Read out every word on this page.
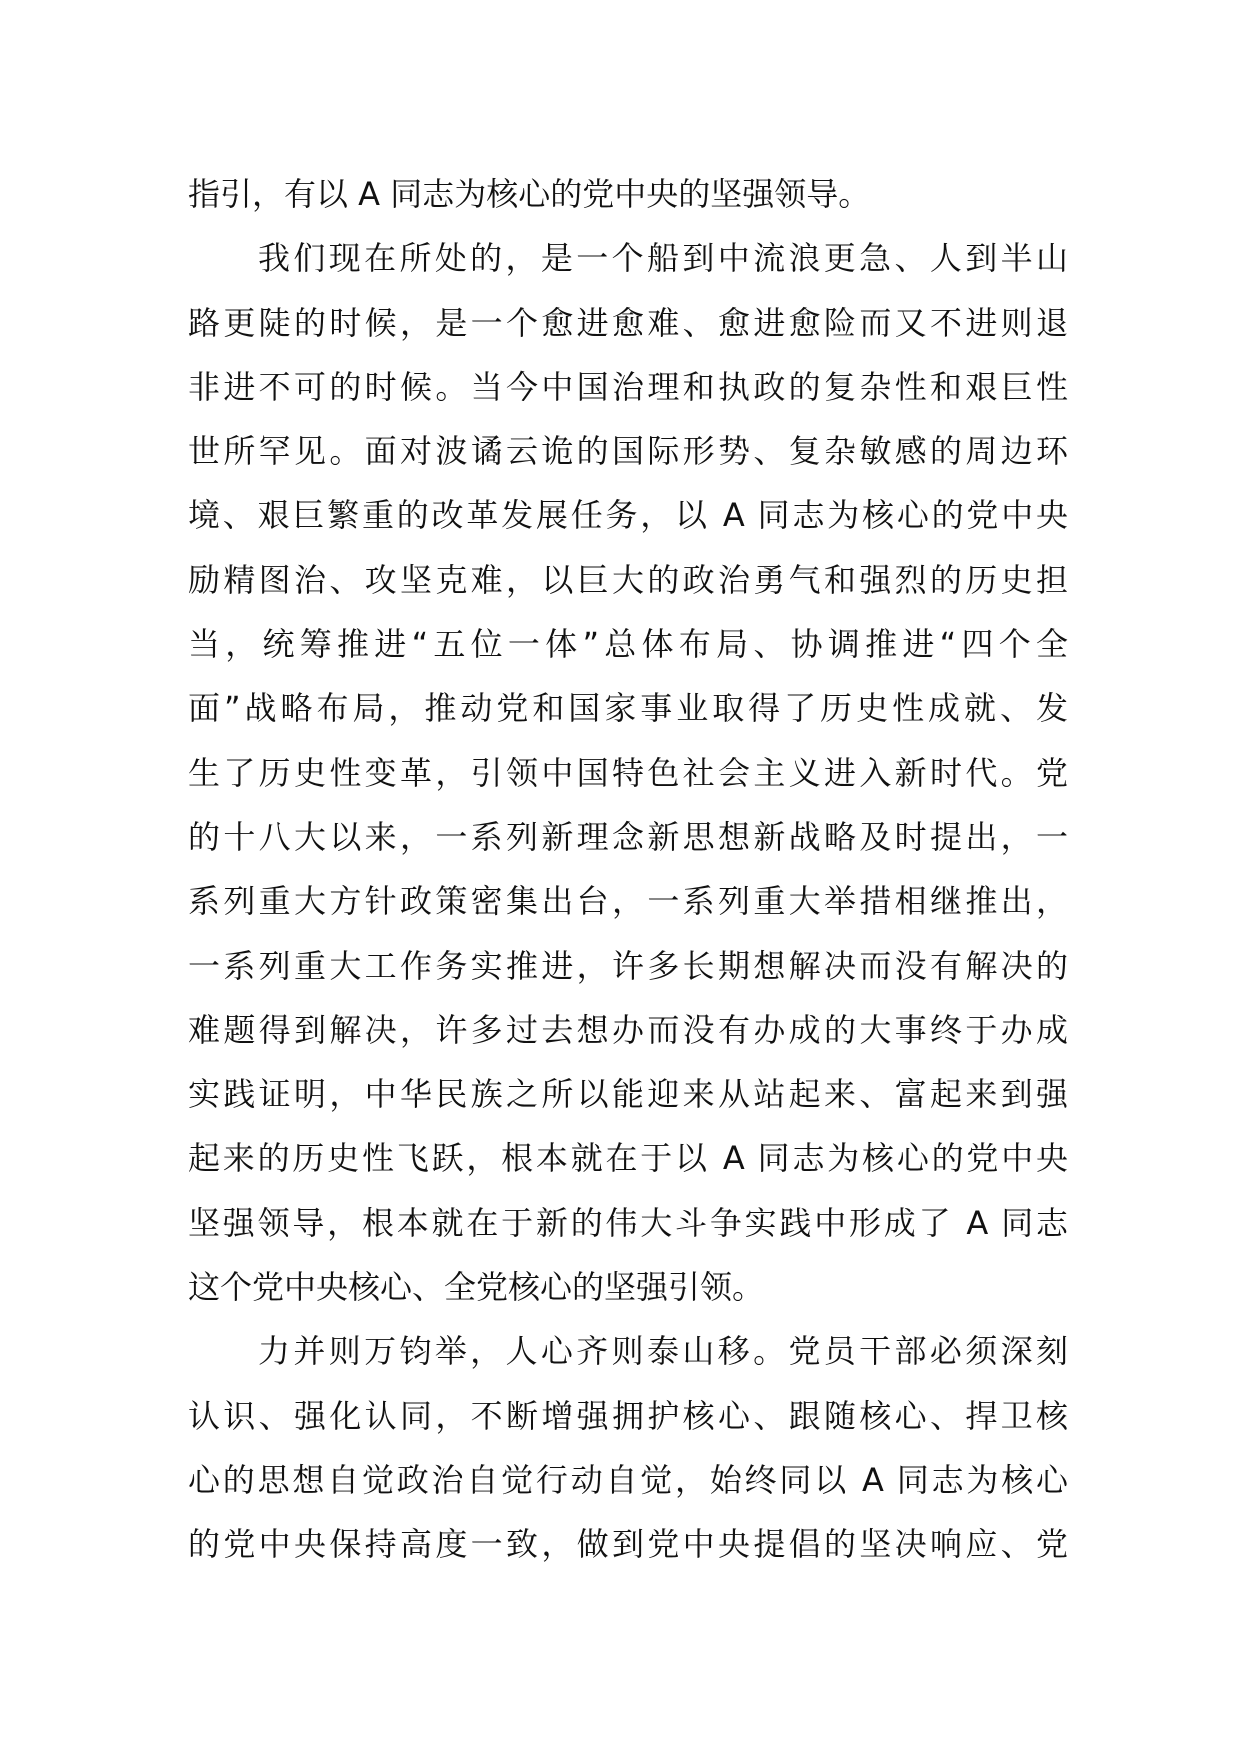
指引，有以 A 同志为核心的党中央的坚强领导。
我们现在所处的，是一个船到中流浪更急、人到半山
路更陡的时候，是一个愈进愈难、愈进愈险而又不进则退
非进不可的时候。当今中国治理和执政的复杂性和艰巨性
世所罕见。面对波谲云诡的国际形势、复杂敏感的周边环
境、艰巨繁重的改革发展任务，以 A 同志为核心的党中央
励精图治、攻坚克难，以巨大的政治勇气和强烈的历史担
当，统筹推进“五位一体”总体布局、协调推进“四个全
面”战略布局，推动党和国家事业取得了历史性成就、发
生了历史性变革，引领中国特色社会主义进入新时代。党
的十八大以来，一系列新理念新思想新战略及时提出，一
系列重大方针政策密集出台，一系列重大举措相继推出，
一系列重大工作务实推进，许多长期想解决而没有解决的
难题得到解决，许多过去想办而没有办成的大事终于办成
实践证明，中华民族之所以能迎来从站起来、富起来到强
起来的历史性飞跃，根本就在于以 A 同志为核心的党中央
坚强领导，根本就在于新的伟大斗争实践中形成了 A 同志
这个党中央核心、全党核心的坚强引领。
力并则万钧举，人心齐则泰山移。党员干部必须深刻
认识、强化认同，不断增强拥护核心、跟随核心、捍卫核
心的思想自觉政治自觉行动自觉，始终同以 A 同志为核心
的党中央保持高度一致，做到党中央提倡的坚决响应、党
